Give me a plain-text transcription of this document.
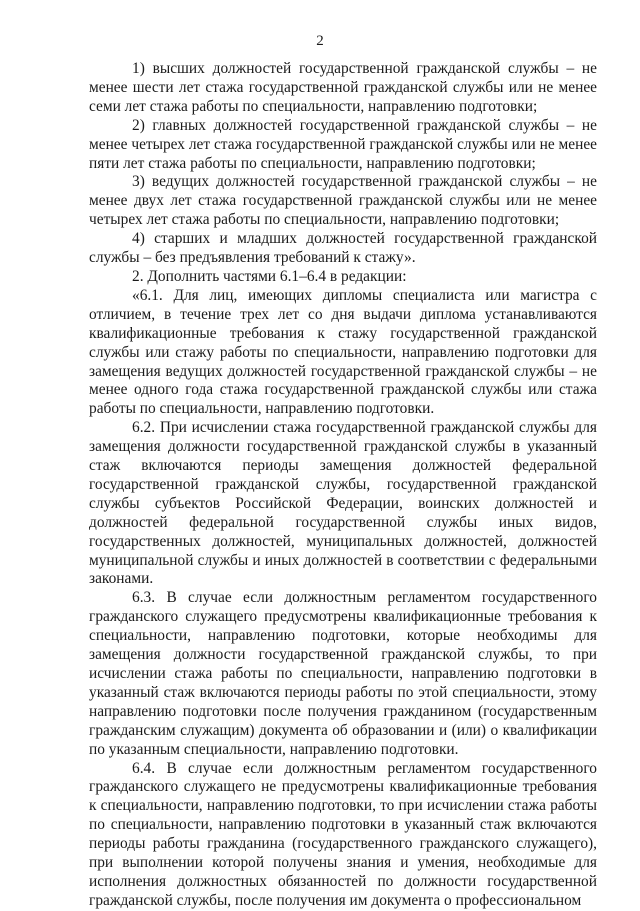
2

1) высших должностей государственной гражданской службы – не менее шести лет стажа государственной гражданской службы или не менее семи лет стажа работы по специальности, направлению подготовки;

2) главных должностей государственной гражданской службы – не менее четырех лет стажа государственной гражданской службы или не менее пяти лет стажа работы по специальности, направлению подготовки;

3) ведущих должностей государственной гражданской службы – не менее двух лет стажа государственной гражданской службы или не менее четырех лет стажа работы по специальности, направлению подготовки;

4) старших и младших должностей государственной гражданской службы – без предъявления требований к стажу».

2. Дополнить частями 6.1–6.4 в редакции:

«6.1. Для лиц, имеющих дипломы специалиста или магистра с отличием, в течение трех лет со дня выдачи диплома устанавливаются квалификационные требования к стажу государственной гражданской службы или стажу работы по специальности, направлению подготовки для замещения ведущих должностей государственной гражданской службы – не менее одного года стажа государственной гражданской службы или стажа работы по специальности, направлению подготовки.

6.2. При исчислении стажа государственной гражданской службы для замещения должности государственной гражданской службы в указанный стаж включаются периоды замещения должностей федеральной государственной гражданской службы, государственной гражданской службы субъектов Российской Федерации, воинских должностей и должностей федеральной государственной службы иных видов, государственных должностей, муниципальных должностей, должностей муниципальной службы и иных должностей в соответствии с федеральными законами.

6.3. В случае если должностным регламентом государственного гражданского служащего предусмотрены квалификационные требования к специальности, направлению подготовки, которые необходимы для замещения должности государственной гражданской службы, то при исчислении стажа работы по специальности, направлению подготовки в указанный стаж включаются периоды работы по этой специальности, этому направлению подготовки после получения гражданином (государственным гражданским служащим) документа об образовании и (или) о квалификации по указанным специальности, направлению подготовки.

6.4. В случае если должностным регламентом государственного гражданского служащего не предусмотрены квалификационные требования к специальности, направлению подготовки, то при исчислении стажа работы по специальности, направлению подготовки в указанный стаж включаются периоды работы гражданина (государственного гражданского служащего), при выполнении которой получены знания и умения, необходимые для исполнения должностных обязанностей по должности государственной гражданской службы, после получения им документа о профессиональном
